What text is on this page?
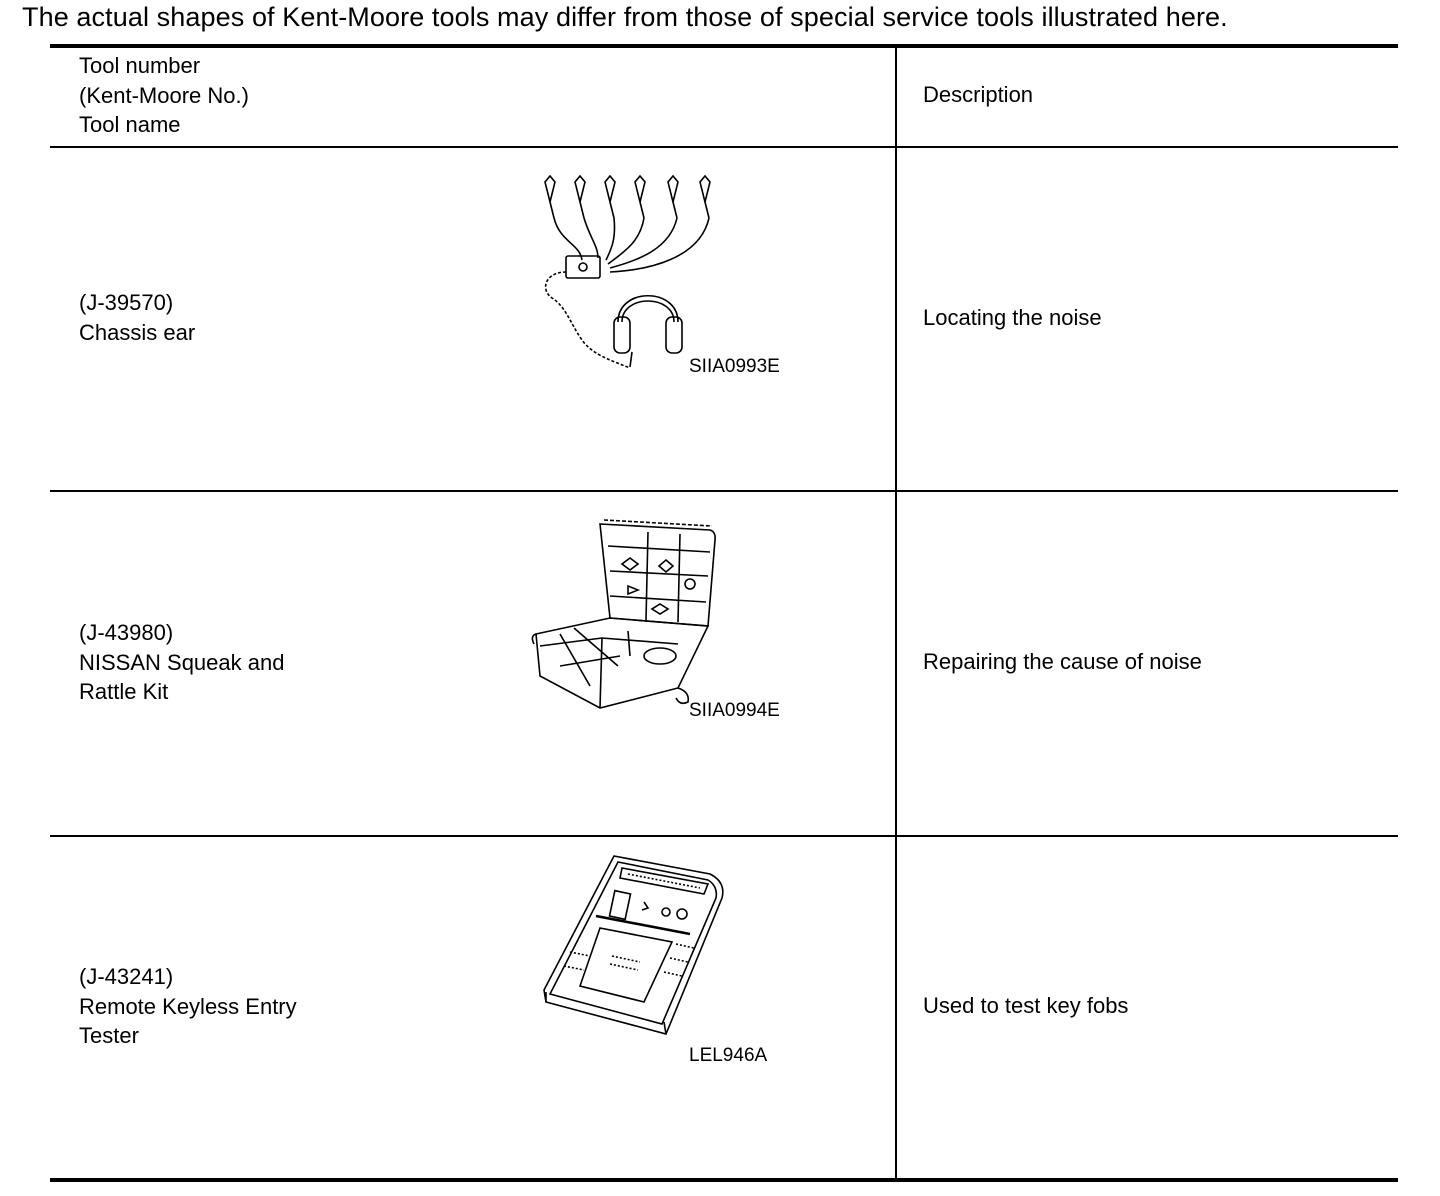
The actual shapes of Kent-Moore tools may differ from those of special service tools illustrated here.
Tool number
(Kent-Moore No.)
Tool name
Description
(J-39570)
Chassis ear
SIIA0993E
Locating the noise
(J-43980)
NISSAN Squeak and
Rattle Kit
SIIA0994E
Repairing the cause of noise
(J-43241)
Remote Keyless Entry
Tester
LEL946A
Used to test key fobs
